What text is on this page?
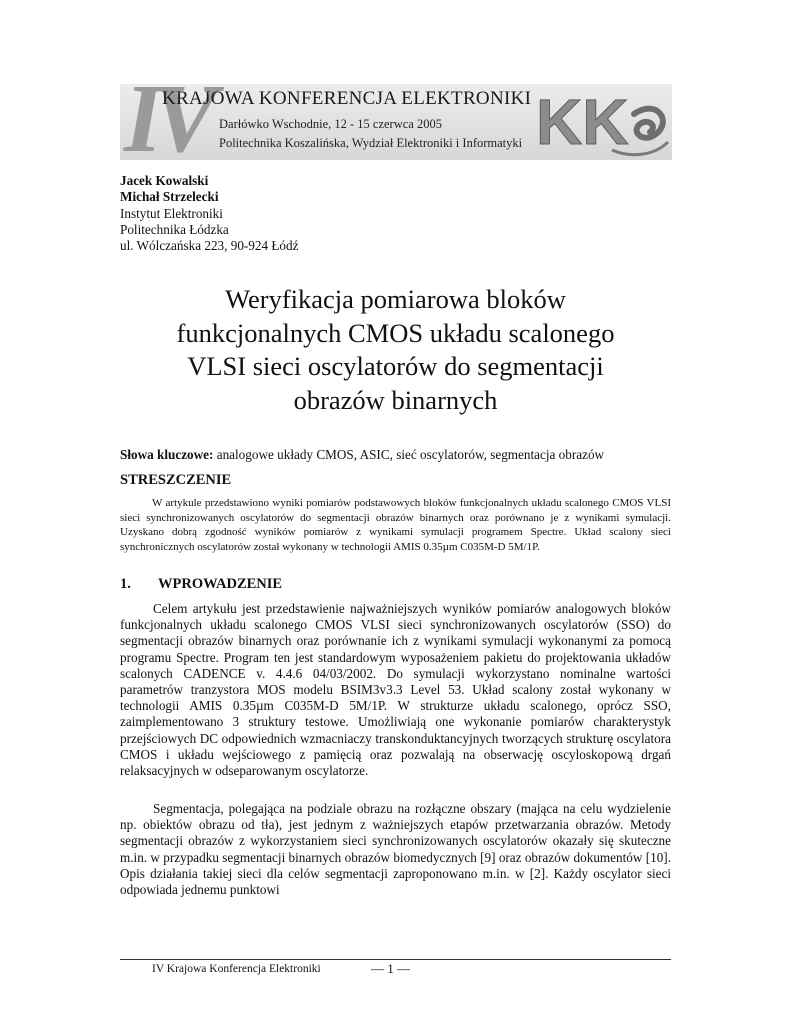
IV
KRAJOWA KONFERENCJA ELEKTRONIKI
Darłówko Wschodnie, 12 - 15 czerwca 2005
Politechnika Koszalińska, Wydział Elektroniki i Informatyki KK
Jacek Kowalski
Michał Strzelecki
Instytut Elektroniki
Politechnika Łódzka
ul. Wólczańska 223, 90-924 Łódź
Weryfikacja pomiarowa bloków
funkcjonalnych CMOS układu scalonego
VLSI sieci oscylatorów do segmentacji
obrazów binarnych
Słowa kluczowe: analogowe układy CMOS, ASIC, sieć oscylatorów, segmentacja obrazów
STRESZCZENIE

W artykule przedstawiono wyniki pomiarów podstawowych bloków funkcjonalnych układu scalonego CMOS VLSI sieci synchronizowanych oscylatorów do segmentacji obrazów binarnych oraz porównano je z wynikami symulacji. Uzyskano dobrą zgodność wyników pomiarów z wynikami symulacji programem Spectre. Układ scalony sieci synchronicznych oscylatorów został wykonany w technologii AMIS 0.35µm C035M-D 5M/1P.

1. WPROWADZENIE

Celem artykułu jest przedstawienie najważniejszych wyników pomiarów analogowych bloków funkcjonalnych układu scalonego CMOS VLSI sieci synchronizowanych oscylatorów (SSO) do segmentacji obrazów binarnych oraz porównanie ich z wynikami symulacji wykonanymi za pomocą programu Spectre. Program ten jest standardowym wyposażeniem pakietu do projektowania układów scalonych CADENCE v. 4.4.6 04/03/2002. Do symulacji wykorzystano nominalne wartości parametrów tranzystora MOS modelu BSIM3v3.3 Level 53. Układ scalony został wykonany w technologii AMIS 0.35µm C035M-D 5M/1P. W strukturze układu scalonego, oprócz SSO, zaimplementowano 3 struktury testowe. Umożliwiają one wykonanie pomiarów charakterystyk przejściowych DC odpowiednich wzmacniaczy transkonduktancyjnych tworzących strukturę oscylatora CMOS i układu wejściowego z pamięcią oraz pozwalają na obserwację oscyloskopową drgań relaksacyjnych w odseparowanym oscylatorze.

Segmentacja, polegająca na podziale obrazu na rozłączne obszary (mająca na celu wydzielenie np. obiektów obrazu od tła), jest jednym z ważniejszych etapów przetwarzania obrazów. Metody segmentacji obrazów z wykorzystaniem sieci synchronizowanych oscylatorów okazały się skuteczne m.in. w przypadku segmentacji binarnych obrazów biomedycznych [9] oraz obrazów dokumentów [10]. Opis działania takiej sieci dla celów segmentacji zaproponowano m.in. w [2]. Każdy oscylator sieci odpowiada jednemu punktowi

IV Krajowa Konferencja Elektroniki	— 1 —
